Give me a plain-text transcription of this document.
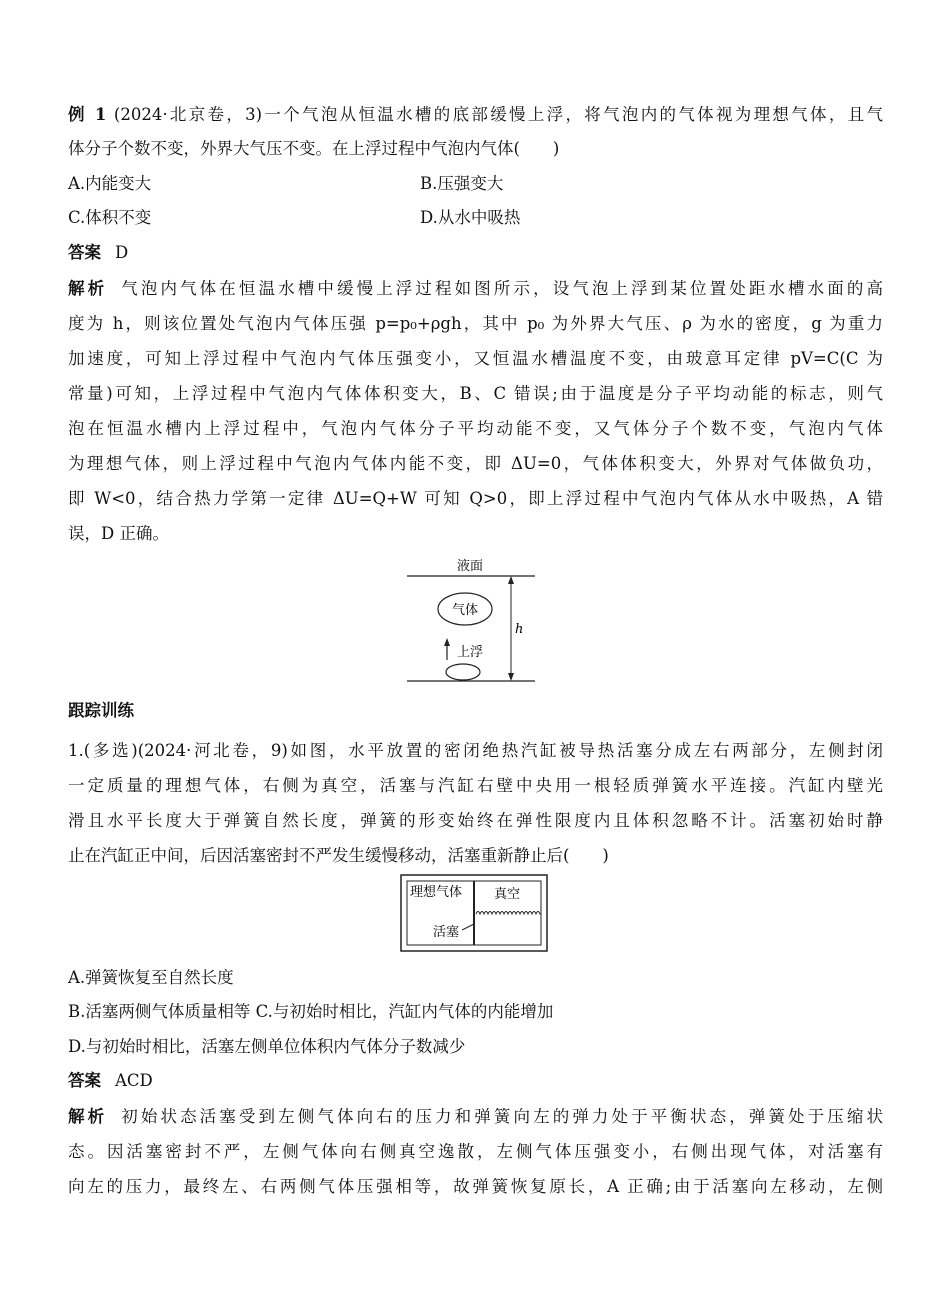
例 1 (2024·北京卷，3)一个气泡从恒温水槽的底部缓慢上浮，将气泡内的气体视为理想气体，且气
体分子个数不变，外界大气压不变。在上浮过程中气泡内气体(　　)
A.内能变大	B.压强变大
C.体积不变	D.从水中吸热
答案 D
解析 气泡内气体在恒温水槽中缓慢上浮过程如图所示，设气泡上浮到某位置处距水槽水面的高
度为 h，则该位置处气泡内气体压强 p=p₀+ρgh，其中 p₀ 为外界大气压、ρ 为水的密度，g 为重力
加速度，可知上浮过程中气泡内气体压强变小，又恒温水槽温度不变，由玻意耳定律 pV=C(C 为
常量)可知，上浮过程中气泡内气体体积变大，B、C 错误;由于温度是分子平均动能的标志，则气
泡在恒温水槽内上浮过程中，气泡内气体分子平均动能不变，又气体分子个数不变，气泡内气体
为理想气体，则上浮过程中气泡内气体内能不变，即 ΔU=0，气体体积变大，外界对气体做负功，
即 W<0，结合热力学第一定律 ΔU=Q+W 可知 Q>0，即上浮过程中气泡内气体从水中吸热，A 错
误，D 正确。
液面
h
气体
上浮
跟踪训练
1.(多选)(2024·河北卷，9)如图，水平放置的密闭绝热汽缸被导热活塞分成左右两部分，左侧封闭
一定质量的理想气体，右侧为真空，活塞与汽缸右壁中央用一根轻质弹簧水平连接。汽缸内壁光
滑且水平长度大于弹簧自然长度，弹簧的形变始终在弹性限度内且体积忽略不计。活塞初始时静
止在汽缸正中间，后因活塞密封不严发生缓慢移动，活塞重新静止后(　　)
理想气体 真空
活塞
A.弹簧恢复至自然长度
B.活塞两侧气体质量相等 C.与初始时相比，汽缸内气体的内能增加
D.与初始时相比，活塞左侧单位体积内气体分子数减少
答案 ACD
解析 初始状态活塞受到左侧气体向右的压力和弹簧向左的弹力处于平衡状态，弹簧处于压缩状
态。因活塞密封不严，左侧气体向右侧真空逸散，左侧气体压强变小，右侧出现气体，对活塞有
向左的压力，最终左、右两侧气体压强相等，故弹簧恢复原长，A 正确;由于活塞向左移动，左侧
